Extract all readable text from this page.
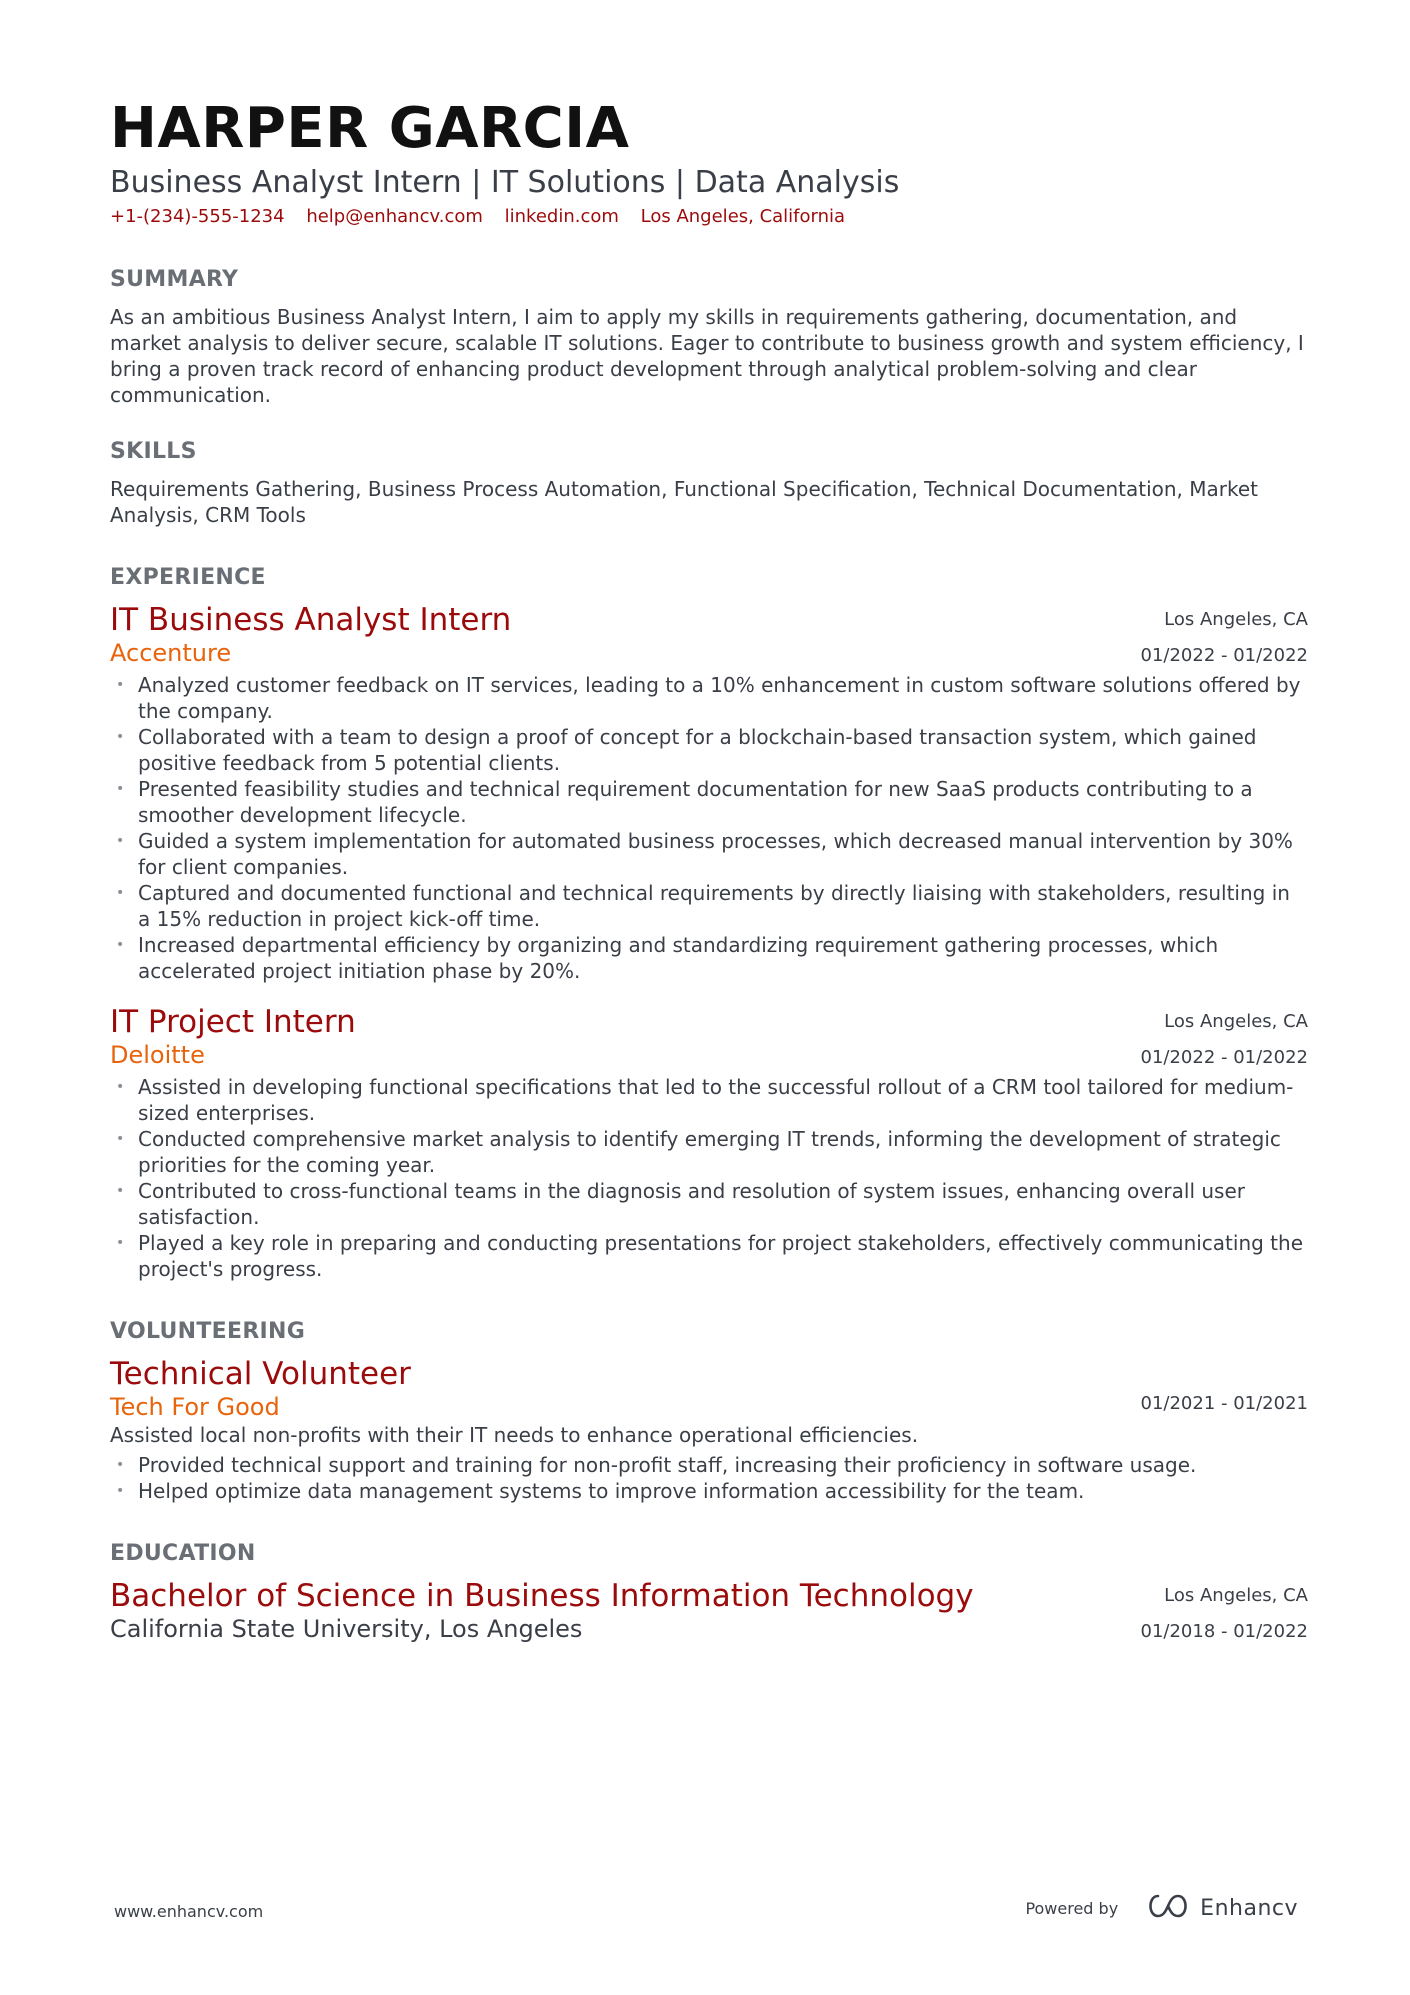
HARPER GARCIA
Business Analyst Intern | IT Solutions | Data Analysis
+1-(234)-555-1234 help@enhancv.com linkedin.com Los Angeles, California
SUMMARY
As an ambitious Business Analyst Intern, I aim to apply my skills in requirements gathering, documentation, and market analysis to deliver secure, scalable IT solutions. Eager to contribute to business growth and system efficiency, I bring a proven track record of enhancing product development through analytical problem-solving and clear communication.
SKILLS
Requirements Gathering, Business Process Automation, Functional Specification, Technical Documentation, Market Analysis, CRM Tools
EXPERIENCE
IT Business Analyst Intern
Accenture
Los Angeles, CA
01/2022 - 01/2022
• Analyzed customer feedback on IT services, leading to a 10% enhancement in custom software solutions offered by the company.
• Collaborated with a team to design a proof of concept for a blockchain-based transaction system, which gained positive feedback from 5 potential clients.
• Presented feasibility studies and technical requirement documentation for new SaaS products contributing to a smoother development lifecycle.
• Guided a system implementation for automated business processes, which decreased manual intervention by 30% for client companies.
• Captured and documented functional and technical requirements by directly liaising with stakeholders, resulting in a 15% reduction in project kick-off time.
• Increased departmental efficiency by organizing and standardizing requirement gathering processes, which accelerated project initiation phase by 20%.
IT Project Intern
Deloitte
Los Angeles, CA
01/2022 - 01/2022
• Assisted in developing functional specifications that led to the successful rollout of a CRM tool tailored for medium-sized enterprises.
• Conducted comprehensive market analysis to identify emerging IT trends, informing the development of strategic priorities for the coming year.
• Contributed to cross-functional teams in the diagnosis and resolution of system issues, enhancing overall user satisfaction.
• Played a key role in preparing and conducting presentations for project stakeholders, effectively communicating the project's progress.
VOLUNTEERING
Technical Volunteer
Tech For Good	01/2021 - 01/2021
Assisted local non-profits with their IT needs to enhance operational efficiencies.
• Provided technical support and training for non-profit staff, increasing their proficiency in software usage.
• Helped optimize data management systems to improve information accessibility for the team.
EDUCATION
Bachelor of Science in Business Information Technology
California State University, Los Angeles
Los Angeles, CA
01/2018 - 01/2022
www.enhancv.com	Powered by	Enhancv
